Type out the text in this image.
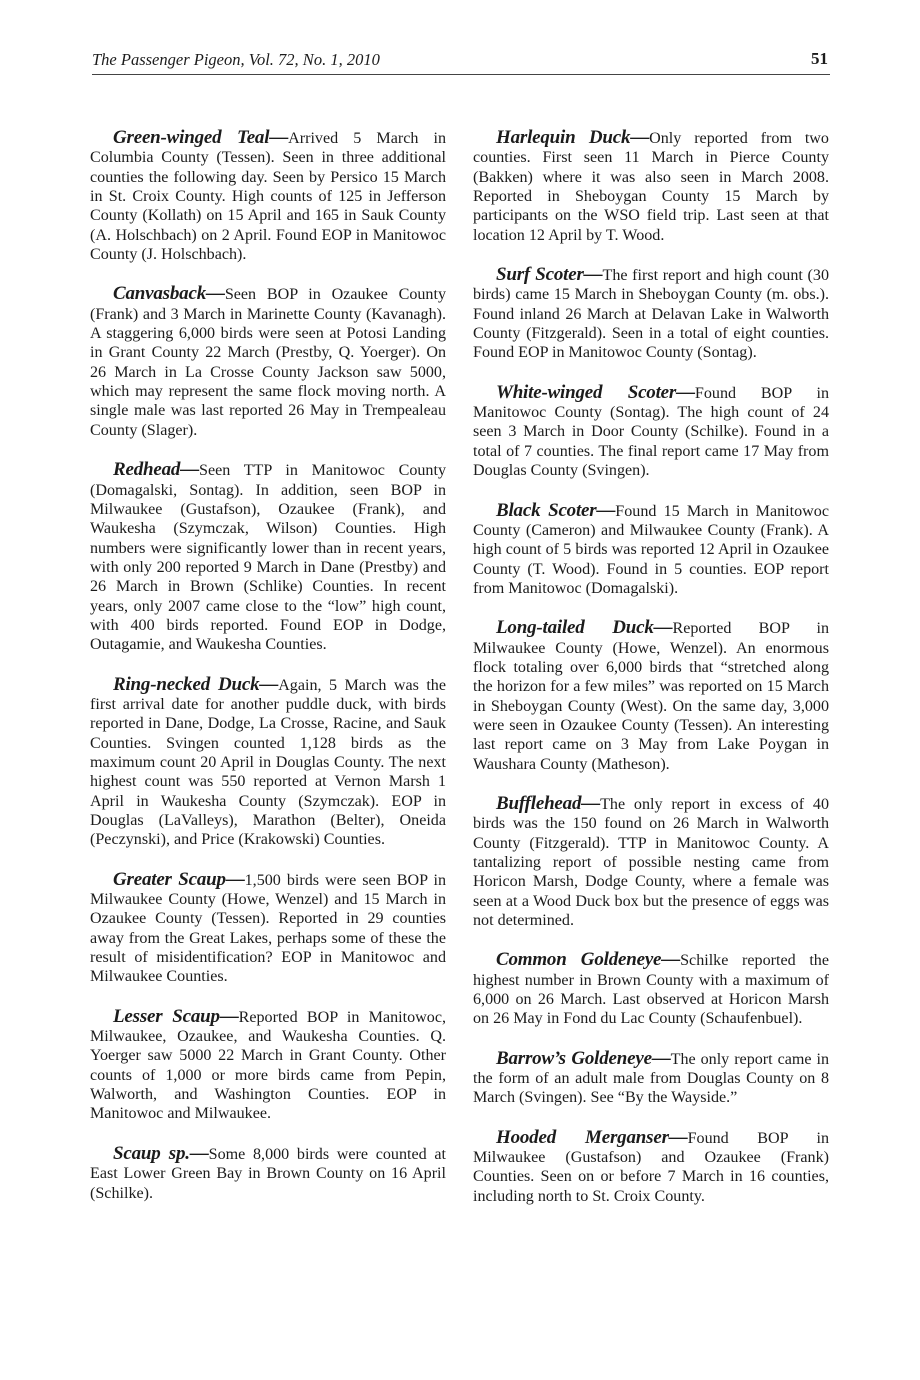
The Passenger Pigeon, Vol. 72, No. 1, 2010	51

Green-winged Teal—Arrived 5 March in Columbia County (Tessen). Seen in three additional counties the following day. Seen by Persico 15 March in St. Croix County. High counts of 125 in Jefferson County (Kollath) on 15 April and 165 in Sauk County (A. Holschbach) on 2 April. Found EOP in Manitowoc County (J. Holschbach).

Canvasback—Seen BOP in Ozaukee County (Frank) and 3 March in Marinette County (Kavanagh). A staggering 6,000 birds were seen at Potosi Landing in Grant County 22 March (Prestby, Q. Yoerger). On 26 March in La Crosse County Jackson saw 5000, which may represent the same flock moving north. A single male was last reported 26 May in Trempealeau County (Slager).

Redhead—Seen TTP in Manitowoc County (Domagalski, Sontag). In addition, seen BOP in Milwaukee (Gustafson), Ozaukee (Frank), and Waukesha (Szymczak, Wilson) Counties. High numbers were significantly lower than in recent years, with only 200 reported 9 March in Dane (Prestby) and 26 March in Brown (Schlike) Counties. In recent years, only 2007 came close to the “low” high count, with 400 birds reported. Found EOP in Dodge, Outagamie, and Waukesha Counties.

Ring-necked Duck—Again, 5 March was the first arrival date for another puddle duck, with birds reported in Dane, Dodge, La Crosse, Racine, and Sauk Counties. Svingen counted 1,128 birds as the maximum count 20 April in Douglas County. The next highest count was 550 reported at Vernon Marsh 1 April in Waukesha County (Szymczak). EOP in Douglas (LaValleys), Marathon (Belter), Oneida (Peczynski), and Price (Krakowski) Counties.

Greater Scaup—1,500 birds were seen BOP in Milwaukee County (Howe, Wenzel) and 15 March in Ozaukee County (Tessen). Reported in 29 counties away from the Great Lakes, perhaps some of these the result of misidentification? EOP in Manitowoc and Milwaukee Counties.

Lesser Scaup—Reported BOP in Manitowoc, Milwaukee, Ozaukee, and Waukesha Counties. Q. Yoerger saw 5000 22 March in Grant County. Other counts of 1,000 or more birds came from Pepin, Walworth, and Washington Counties. EOP in Manitowoc and Milwaukee.

Scaup sp.—Some 8,000 birds were counted at East Lower Green Bay in Brown County on 16 April (Schilke).

Harlequin Duck—Only reported from two counties. First seen 11 March in Pierce County (Bakken) where it was also seen in March 2008. Reported in Sheboygan County 15 March by participants on the WSO field trip. Last seen at that location 12 April by T. Wood.

Surf Scoter—The first report and high count (30 birds) came 15 March in Sheboygan County (m. obs.). Found inland 26 March at Delavan Lake in Walworth County (Fitzgerald). Seen in a total of eight counties. Found EOP in Manitowoc County (Sontag).

White-winged Scoter—Found BOP in Manitowoc County (Sontag). The high count of 24 seen 3 March in Door County (Schilke). Found in a total of 7 counties. The final report came 17 May from Douglas County (Svingen).

Black Scoter—Found 15 March in Manitowoc County (Cameron) and Milwaukee County (Frank). A high count of 5 birds was reported 12 April in Ozaukee County (T. Wood). Found in 5 counties. EOP report from Manitowoc (Domagalski).

Long-tailed Duck—Reported BOP in Milwaukee County (Howe, Wenzel). An enormous flock totaling over 6,000 birds that “stretched along the horizon for a few miles” was reported on 15 March in Sheboygan County (West). On the same day, 3,000 were seen in Ozaukee County (Tessen). An interesting last report came on 3 May from Lake Poygan in Waushara County (Matheson).

Bufflehead—The only report in excess of 40 birds was the 150 found on 26 March in Walworth County (Fitzgerald). TTP in Manitowoc County. A tantalizing report of possible nesting came from Horicon Marsh, Dodge County, where a female was seen at a Wood Duck box but the presence of eggs was not determined.

Common Goldeneye—Schilke reported the highest number in Brown County with a maximum of 6,000 on 26 March. Last observed at Horicon Marsh on 26 May in Fond du Lac County (Schaufenbuel).

Barrow’s Goldeneye—The only report came in the form of an adult male from Douglas County on 8 March (Svingen). See “By the Wayside.”

Hooded Merganser—Found BOP in Milwaukee (Gustafson) and Ozaukee (Frank) Counties. Seen on or before 7 March in 16 counties, including north to St. Croix County.
